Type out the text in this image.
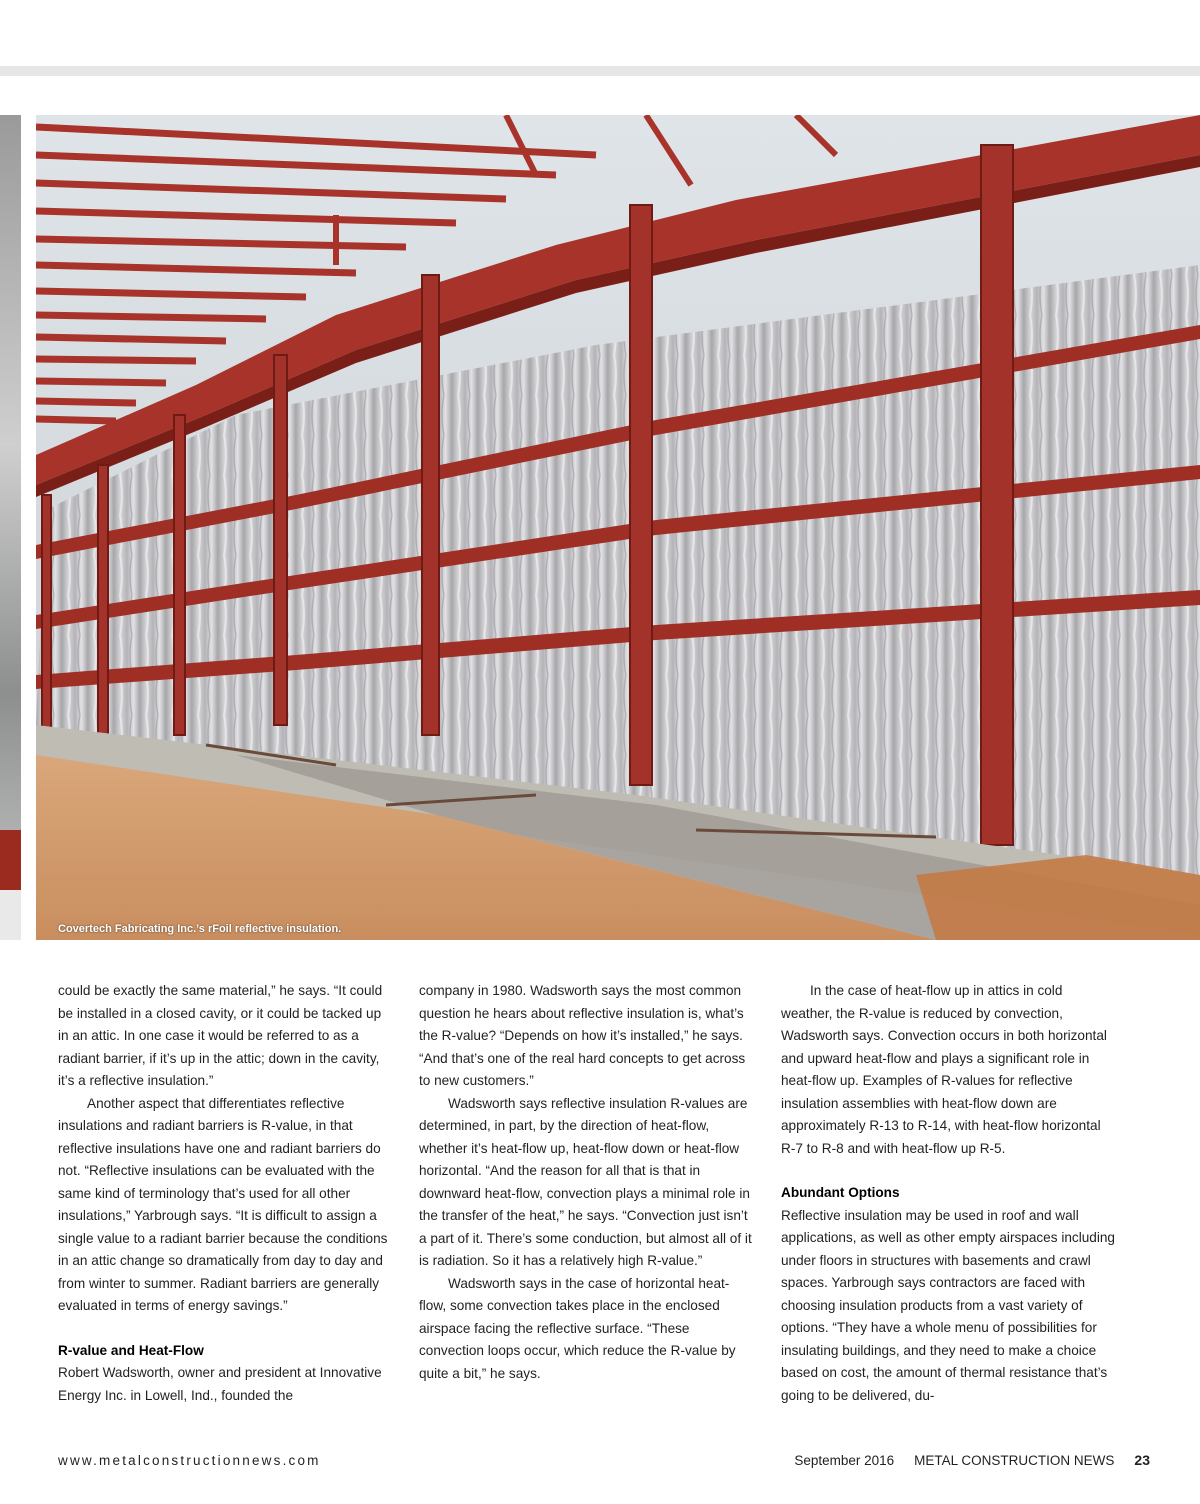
Covertech Fabricating Inc.’s rFoil reflective insulation.

could be exactly the same material,” he says. “It could be installed in a closed cavity, or it could be tacked up in an attic. In one case it would be referred to as a radiant barrier, if it’s up in the attic; down in the cavity, it’s a reflective insulation.”

Another aspect that differentiates reflective insulations and radiant barriers is R-value, in that reflective insulations have one and radiant barriers do not. “Reflective insulations can be evaluated with the same kind of terminology that’s used for all other insulations,” Yarbrough says. “It is difficult to assign a single value to a radiant barrier because the conditions in an attic change so dramatically from day to day and from winter to summer. Radiant barriers are generally evaluated in terms of energy savings.”

R-value and Heat-Flow

Robert Wadsworth, owner and president at Innovative Energy Inc. in Lowell, Ind., founded the

company in 1980. Wadsworth says the most common question he hears about reflective insulation is, what’s the R-value? “Depends on how it’s installed,” he says. “And that’s one of the real hard concepts to get across to new customers.”

Wadsworth says reflective insulation R-values are determined, in part, by the direction of heat-flow, whether it’s heat-flow up, heat-flow down or heat-flow horizontal. “And the reason for all that is that in downward heat-flow, convection plays a minimal role in the transfer of the heat,” he says. “Convection just isn’t a part of it. There’s some conduction, but almost all of it is radiation. So it has a relatively high R-value.”

Wadsworth says in the case of horizontal heat-flow, some convection takes place in the enclosed airspace facing the reflective surface. “These convection loops occur, which reduce the R-value by quite a bit,” he says.

In the case of heat-flow up in attics in cold weather, the R-value is reduced by convection, Wadsworth says. Convection occurs in both horizontal and upward heat-flow and plays a significant role in heat-flow up. Examples of R-values for reflective insulation assemblies with heat-flow down are approximately R-13 to R-14, with heat-flow horizontal R-7 to R-8 and with heat-flow up R-5.

Abundant Options

Reflective insulation may be used in roof and wall applications, as well as other empty airspaces including under floors in structures with basements and crawl spaces. Yarbrough says contractors are faced with choosing insulation products from a vast variety of options. “They have a whole menu of possibilities for insulating buildings, and they need to make a choice based on cost, the amount of thermal resistance that’s going to be delivered, du-

www.metalconstructionnews.com	September 2016 METAL CONSTRUCTION NEWS 23
